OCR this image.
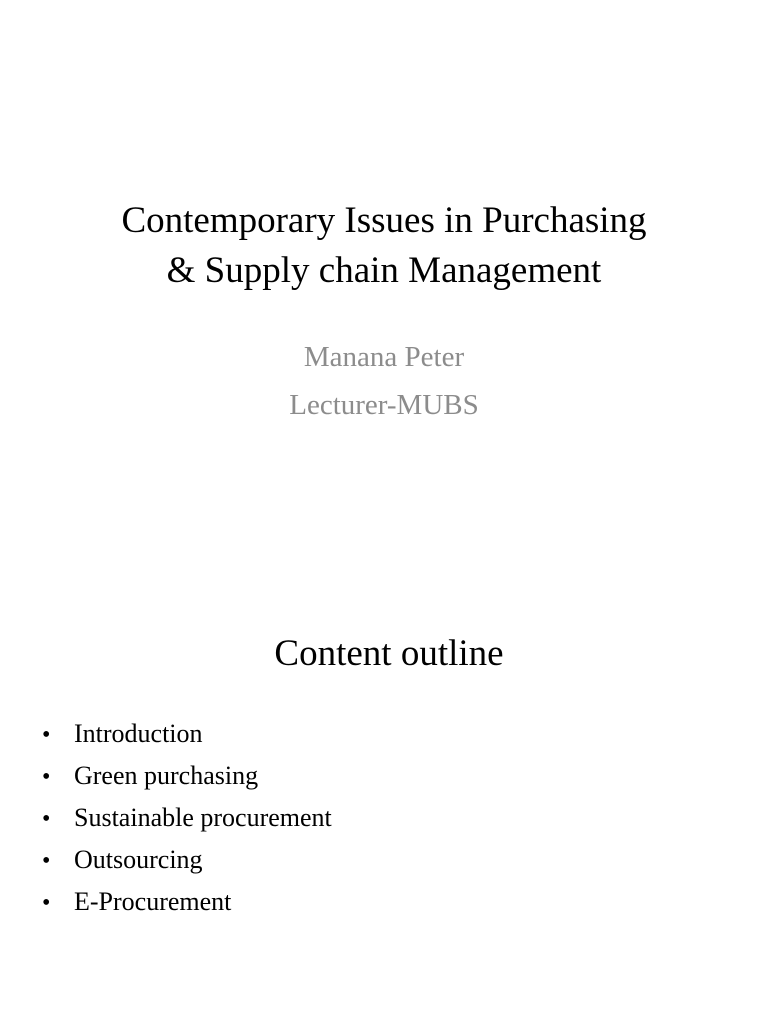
Contemporary Issues in Purchasing
& Supply chain Management
Manana Peter
Lecturer-MUBS
Content outline
• Introduction
• Green purchasing
• Sustainable procurement
• Outsourcing
• E-Procurement
